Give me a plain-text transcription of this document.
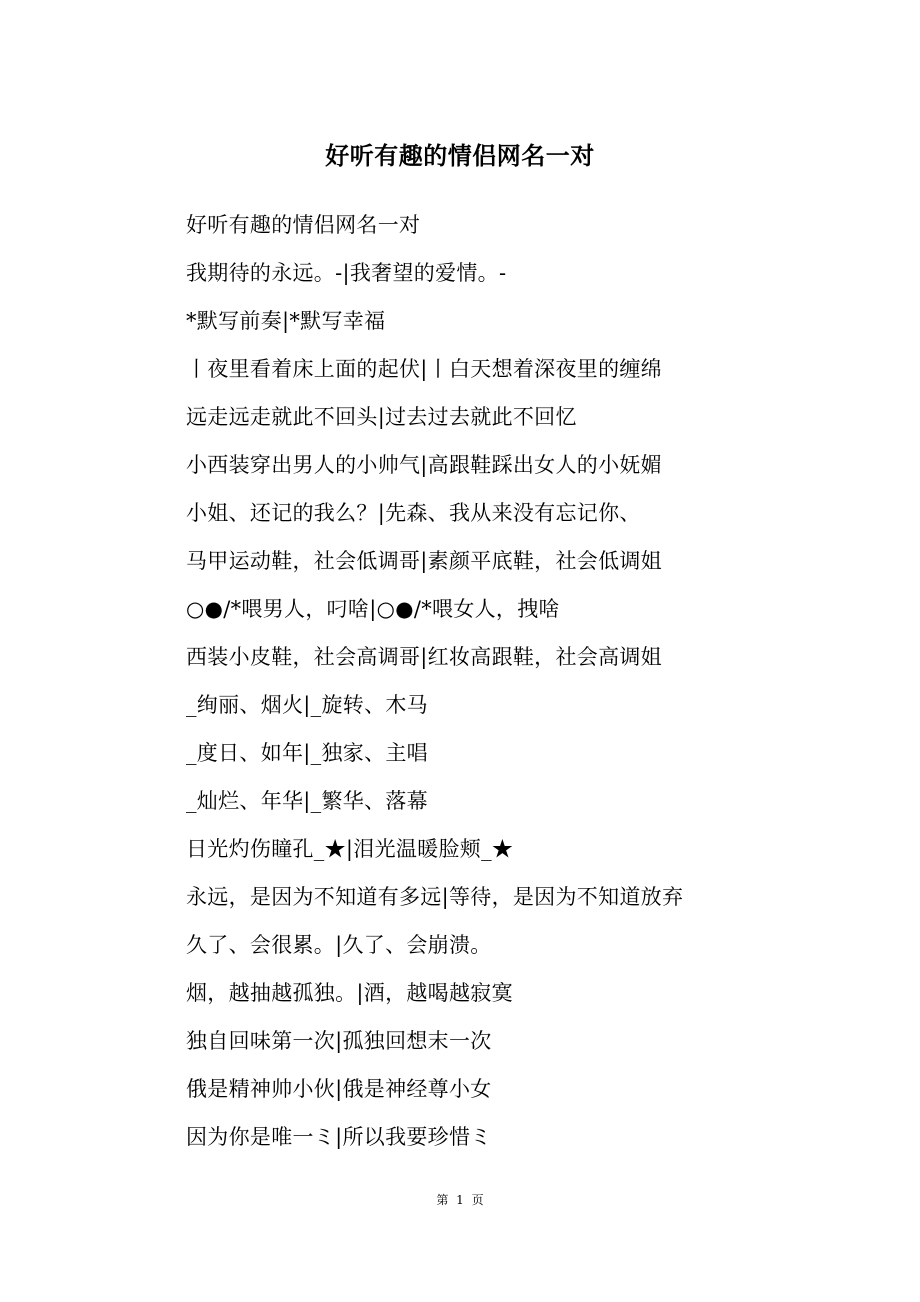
好听有趣的情侣网名一对
好听有趣的情侣网名一对
我期待的永远。-|我奢望的爱情。-
*默写前奏|*默写幸福
丨夜里看着床上面的起伏|丨白天想着深夜里的缠绵
远走远走就此不回头|过去过去就此不回忆
小西装穿出男人的小帅气|高跟鞋踩出女人的小妩媚
小姐、还记的我么？|先森、我从来没有忘记你、
马甲运动鞋，社会低调哥|素颜平底鞋，社会低调姐
○●/*喂男人，叼啥|○●/*喂女人，拽啥
西装小皮鞋，社会高调哥|红妆高跟鞋，社会高调姐
_绚丽、烟火|_旋转、木马
_度日、如年|_独家、主唱
_灿烂、年华|_繁华、落幕
日光灼伤瞳孔_★|泪光温暖脸颊_★
永远，是因为不知道有多远|等待，是因为不知道放弃
久了、会很累。|久了、会崩溃。
烟，越抽越孤独。|酒，越喝越寂寞
独自回味第一次|孤独回想末一次
俄是精神帅小伙|俄是神经尊小女
因为你是唯一ミ|所以我要珍惜ミ
第 1 页
